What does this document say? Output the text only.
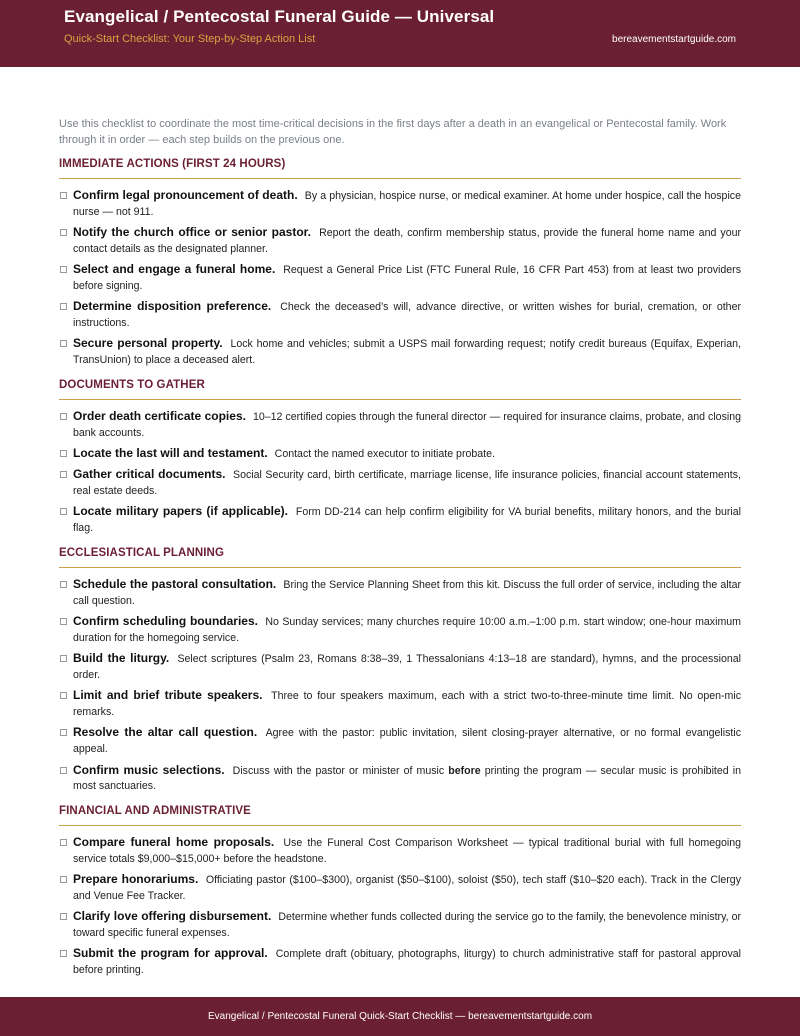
Evangelical / Pentecostal Funeral Guide — Universal
Quick-Start Checklist: Your Step-by-Step Action List	bereavementstartguide.com

Use this checklist to coordinate the most time-critical decisions in the first days after a death in an evangelical or Pentecostal family. Work through it in order — each step builds on the previous one.

IMMEDIATE ACTIONS (FIRST 24 HOURS)
Confirm legal pronouncement of death. By a physician, hospice nurse, or medical examiner. At home under hospice, call the hospice nurse — not 911.
Notify the church office or senior pastor. Report the death, confirm membership status, provide the funeral home name and your contact details as the designated planner.
Select and engage a funeral home. Request a General Price List (FTC Funeral Rule, 16 CFR Part 453) from at least two providers before signing.
Determine disposition preference. Check the deceased’s will, advance directive, or written wishes for burial, cremation, or other instructions.
Secure personal property. Lock home and vehicles; submit a USPS mail forwarding request; notify credit bureaus (Equifax, Experian, TransUnion) to place a deceased alert.
DOCUMENTS TO GATHER
Order death certificate copies. 10–12 certified copies through the funeral director — required for insurance claims, probate, and closing bank accounts.
Locate the last will and testament. Contact the named executor to initiate probate.
Gather critical documents. Social Security card, birth certificate, marriage license, life insurance policies, financial account statements, real estate deeds.
Locate military papers (if applicable). Form DD-214 can help confirm eligibility for VA burial benefits, military honors, and the burial flag.
ECCLESIASTICAL PLANNING
Schedule the pastoral consultation. Bring the Service Planning Sheet from this kit. Discuss the full order of service, including the altar call question.
Confirm scheduling boundaries. No Sunday services; many churches require 10:00 a.m.–1:00 p.m. start window; one-hour maximum duration for the homegoing service.
Build the liturgy. Select scriptures (Psalm 23, Romans 8:38–39, 1 Thessalonians 4:13–18 are standard), hymns, and the processional order.
Limit and brief tribute speakers. Three to four speakers maximum, each with a strict two-to-three-minute time limit. No open-mic remarks.
Resolve the altar call question. Agree with the pastor: public invitation, silent closing-prayer alternative, or no formal evangelistic appeal.
Confirm music selections. Discuss with the pastor or minister of music before printing the program — secular music is prohibited in most sanctuaries.
FINANCIAL AND ADMINISTRATIVE
Compare funeral home proposals. Use the Funeral Cost Comparison Worksheet — typical traditional burial with full homegoing service totals $9,000–$15,000+ before the headstone.
Prepare honorariums. Officiating pastor ($100–$300), organist ($50–$100), soloist ($50), tech staff ($10–$20 each). Track in the Clergy and Venue Fee Tracker.
Clarify love offering disbursement. Determine whether funds collected during the service go to the family, the benevolence ministry, or toward specific funeral expenses.
Submit the program for approval. Complete draft (obituary, photographs, liturgy) to church administrative staff for pastoral approval before printing.
Evangelical / Pentecostal Funeral Quick-Start Checklist — bereavementstartguide.com
